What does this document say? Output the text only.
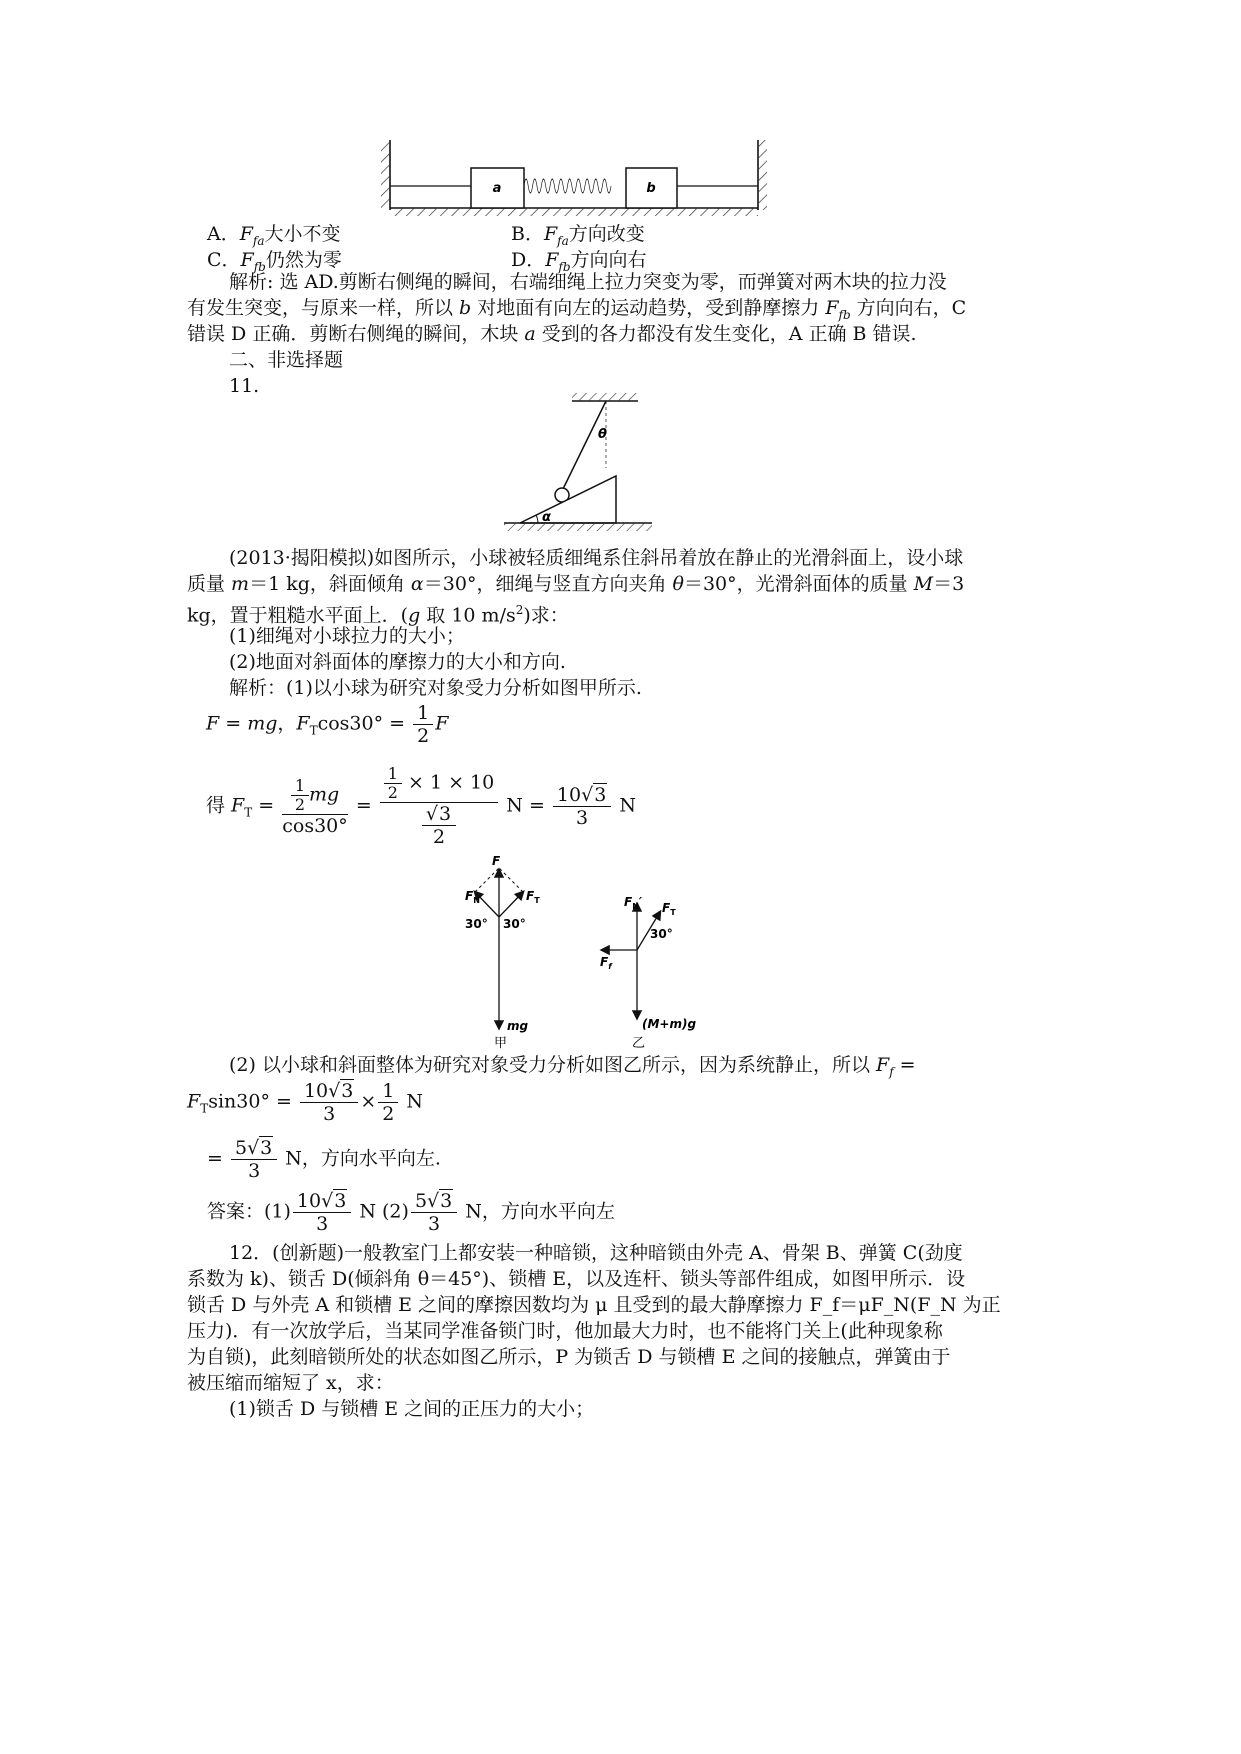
a	b
A．$F_{fa}$大小不变	B．$F_{fa}$方向改变
C．$F_{fb}$仍然为零	D．$F_{fb}$方向向右
解析: 选 AD.剪断右侧绳的瞬间，右端细绳上拉力突变为零，而弹簧对两木块的拉力没
有发生突变，与原来一样，所以 b 对地面有向左的运动趋势，受到静摩擦力 $F_{fb}$ 方向向右，C
错误 D 正确．剪断右侧绳的瞬间，木块 a 受到的各力都没有发生变化，A 正确 B 错误.
二、非选择题
11.
θ
α
(2013·揭阳模拟)如图所示，小球被轻质细绳系住斜吊着放在静止的光滑斜面上，设小球
质量 m＝1 kg，斜面倾角 α＝30°，细绳与竖直方向夹角 θ＝30°，光滑斜面体的质量 M＝3
kg，置于粗糙水平面上．(g 取 10 $m/s^2$)求：
(1)细绳对小球拉力的大小；
(2)地面对斜面体的摩擦力的大小和方向.
解析：(1)以小球为研究对象受力分析如图甲所示.
F = mg，$F_T\cos 30^\circ = \frac{1}{2}$ F
得 $F_T = \frac{\frac{1}{2} mg}{\cos 30^\circ} = \frac{\frac{1}{2} \times 1 \times 10}{\frac{√3}{2}}$ $N = \frac{10√3}{3}$ N
F
$F_N$	$F_T$
30° 30°
mg
甲
$F_N'$ $F_T$
30°
$F_f$
(M+m)g
乙
(2) 以小球和斜面整体为研究对象受力分析如图乙所示，因为系统静止，所以 $F_f$ =
$F_T\sin 30^\circ = \frac{10√3}{3} \times \frac{1}{2}$ N
= $\frac{5√3}{3}$ N，方向水平向左.
答案：$(1) \frac{10√3}{3}$ N $(2) \frac{5√3}{3}$ N，方向水平向左
12．(创新题)一般教室门上都安装一种暗锁，这种暗锁由外壳 A、骨架 B、弹簧 C(劲度
系数为 k)、锁舌 D(倾斜角 θ＝45°)、锁槽 E，以及连杆、锁头等部件组成，如图甲所示．设
锁舌 D 与外壳 A 和锁槽 E 之间的摩擦因数均为 μ 且受到的最大静摩擦力 F_f＝μF_N(F_N 为正
压力)．有一次放学后，当某同学准备锁门时，他加最大力时，也不能将门关上(此种现象称
为自锁)，此刻暗锁所处的状态如图乙所示，P 为锁舌 D 与锁槽 E 之间的接触点，弹簧由于
被压缩而缩短了 x，求：
(1)锁舌 D 与锁槽 E 之间的正压力的大小；
